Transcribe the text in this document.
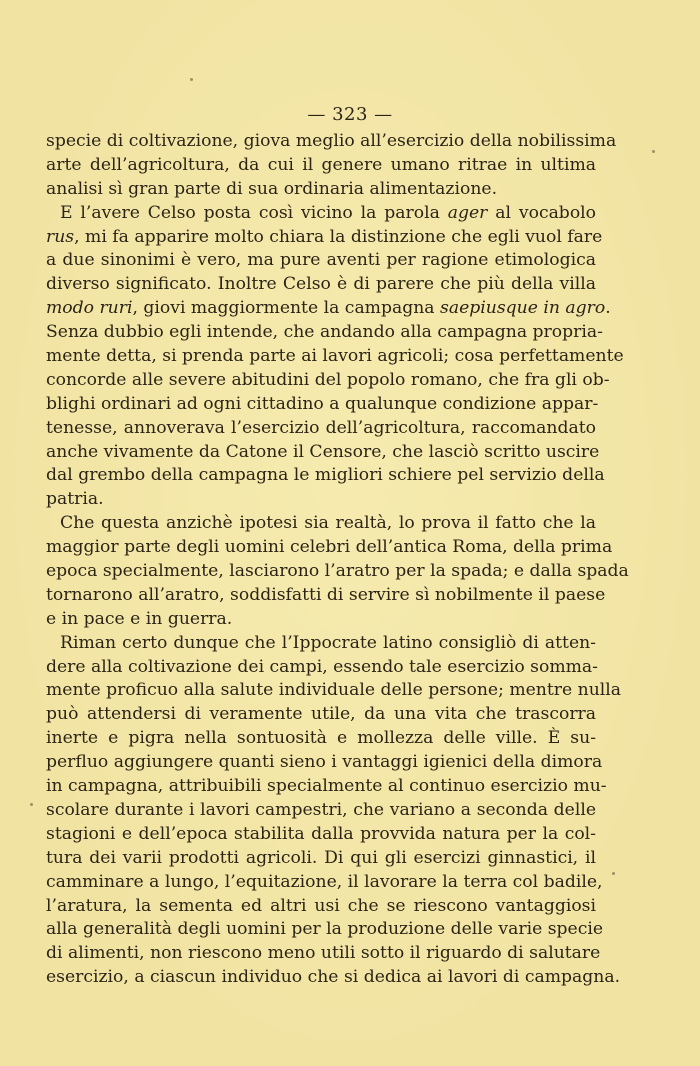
— 323 —
specie di coltivazione, giova meglio all’esercizio della nobilissima
arte dell’agricoltura, da cui il genere umano ritrae in ultima
analisi sì gran parte di sua ordinaria alimentazione.
E l’avere Celso posta così vicino la parola ager al vocabolo
rus, mi fa apparire molto chiara la distinzione che egli vuol fare
a due sinonimi è vero, ma pure aventi per ragione etimologica
diverso significato. Inoltre Celso è di parere che più della villa
modo ruri, giovi maggiormente la campagna saepiusque in agro.
Senza dubbio egli intende, che andando alla campagna propria-
mente detta, si prenda parte ai lavori agricoli; cosa perfettamente
concorde alle severe abitudini del popolo romano, che fra gli ob-
blighi ordinari ad ogni cittadino a qualunque condizione appar-
tenesse, annoverava l’esercizio dell’agricoltura, raccomandato
anche vivamente da Catone il Censore, che lasciò scritto uscire
dal grembo della campagna le migliori schiere pel servizio della
patria.
Che questa anzichè ipotesi sia realtà, lo prova il fatto che la
maggior parte degli uomini celebri dell’antica Roma, della prima
epoca specialmente, lasciarono l’aratro per la spada; e dalla spada
tornarono all’aratro, soddisfatti di servire sì nobilmente il paese
e in pace e in guerra.
Riman certo dunque che l’Ippocrate latino consigliò di atten-
dere alla coltivazione dei campi, essendo tale esercizio somma-
mente proficuo alla salute individuale delle persone; mentre nulla
può attendersi di veramente utile, da una vita che trascorra
inerte e pigra nella sontuosità e mollezza delle ville. È su-
perfluo aggiungere quanti sieno i vantaggi igienici della dimora
in campagna, attribuibili specialmente al continuo esercizio mu-
scolare durante i lavori campestri, che variano a seconda delle
stagioni e dell’epoca stabilita dalla provvida natura per la col-
tura dei varii prodotti agricoli. Di qui gli esercizi ginnastici, il
camminare a lungo, l’equitazione, il lavorare la terra col badile,
l’aratura, la sementa ed altri usi che se riescono vantaggiosi
alla generalità degli uomini per la produzione delle varie specie
di alimenti, non riescono meno utili sotto il riguardo di salutare
esercizio, a ciascun individuo che si dedica ai lavori di campagna.
